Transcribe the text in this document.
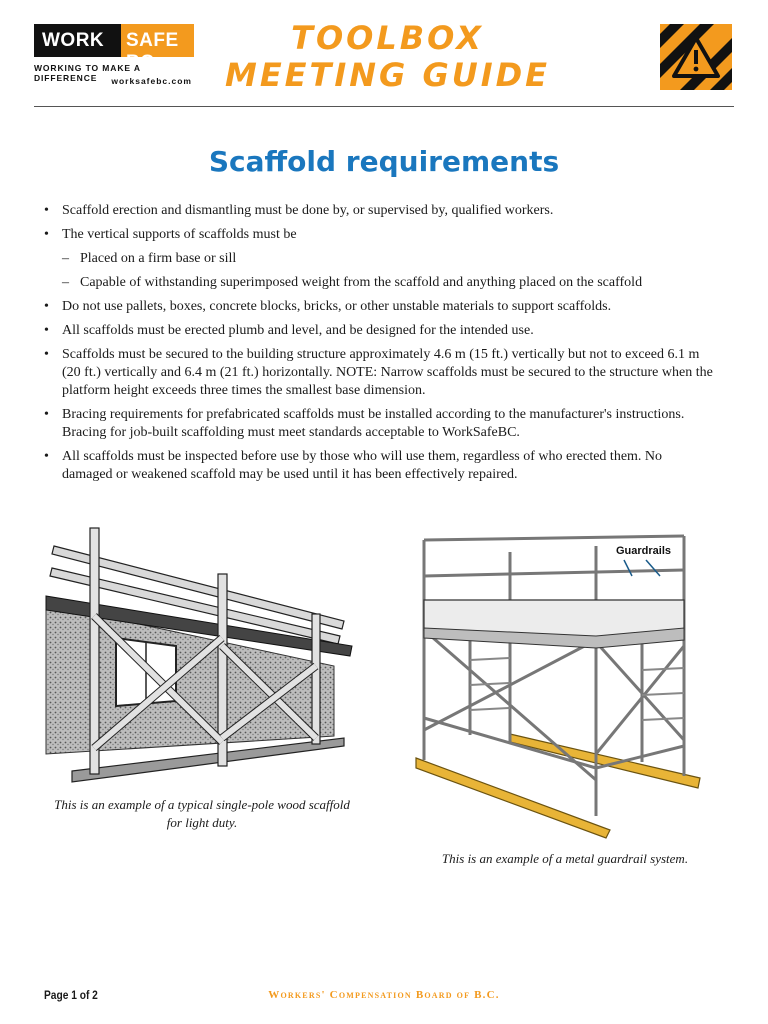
WORK SAFE BC
WORKING TO MAKE A DIFFERENCE	worksafebc.com
TOOLBOX
MEETING GUIDE
Scaffold requirements
• Scaffold erection and dismantling must be done by, or supervised by, qualified workers.
• The vertical supports of scaffolds must be
– Placed on a firm base or sill
– Capable of withstanding superimposed weight from the scaffold and anything placed on the scaffold
• Do not use pallets, boxes, concrete blocks, bricks, or other unstable materials to support scaffolds.
• All scaffolds must be erected plumb and level, and be designed for the intended use.
• Scaffolds must be secured to the building structure approximately 4.6 m (15 ft.) vertically but not to exceed 6.1 m (20 ft.) vertically and 6.4 m (21 ft.) horizontally. NOTE: Narrow scaffolds must be secured to the structure when the platform height exceeds three times the smallest base dimension.
• Bracing requirements for prefabricated scaffolds must be installed according to the manufacturer's instructions. Bracing for job-built scaffolding must meet standards acceptable to WorkSafeBC.
• All scaffolds must be inspected before use by those who will use them, regardless of who erected them. No damaged or weakened scaffold may be used until it has been effectively repaired.
Guardrails
This is an example of a typical single-pole wood scaffold for light duty.
This is an example of a metal guardrail system.
Page 1 of 2	Workers' Compensation Board of B.C.
